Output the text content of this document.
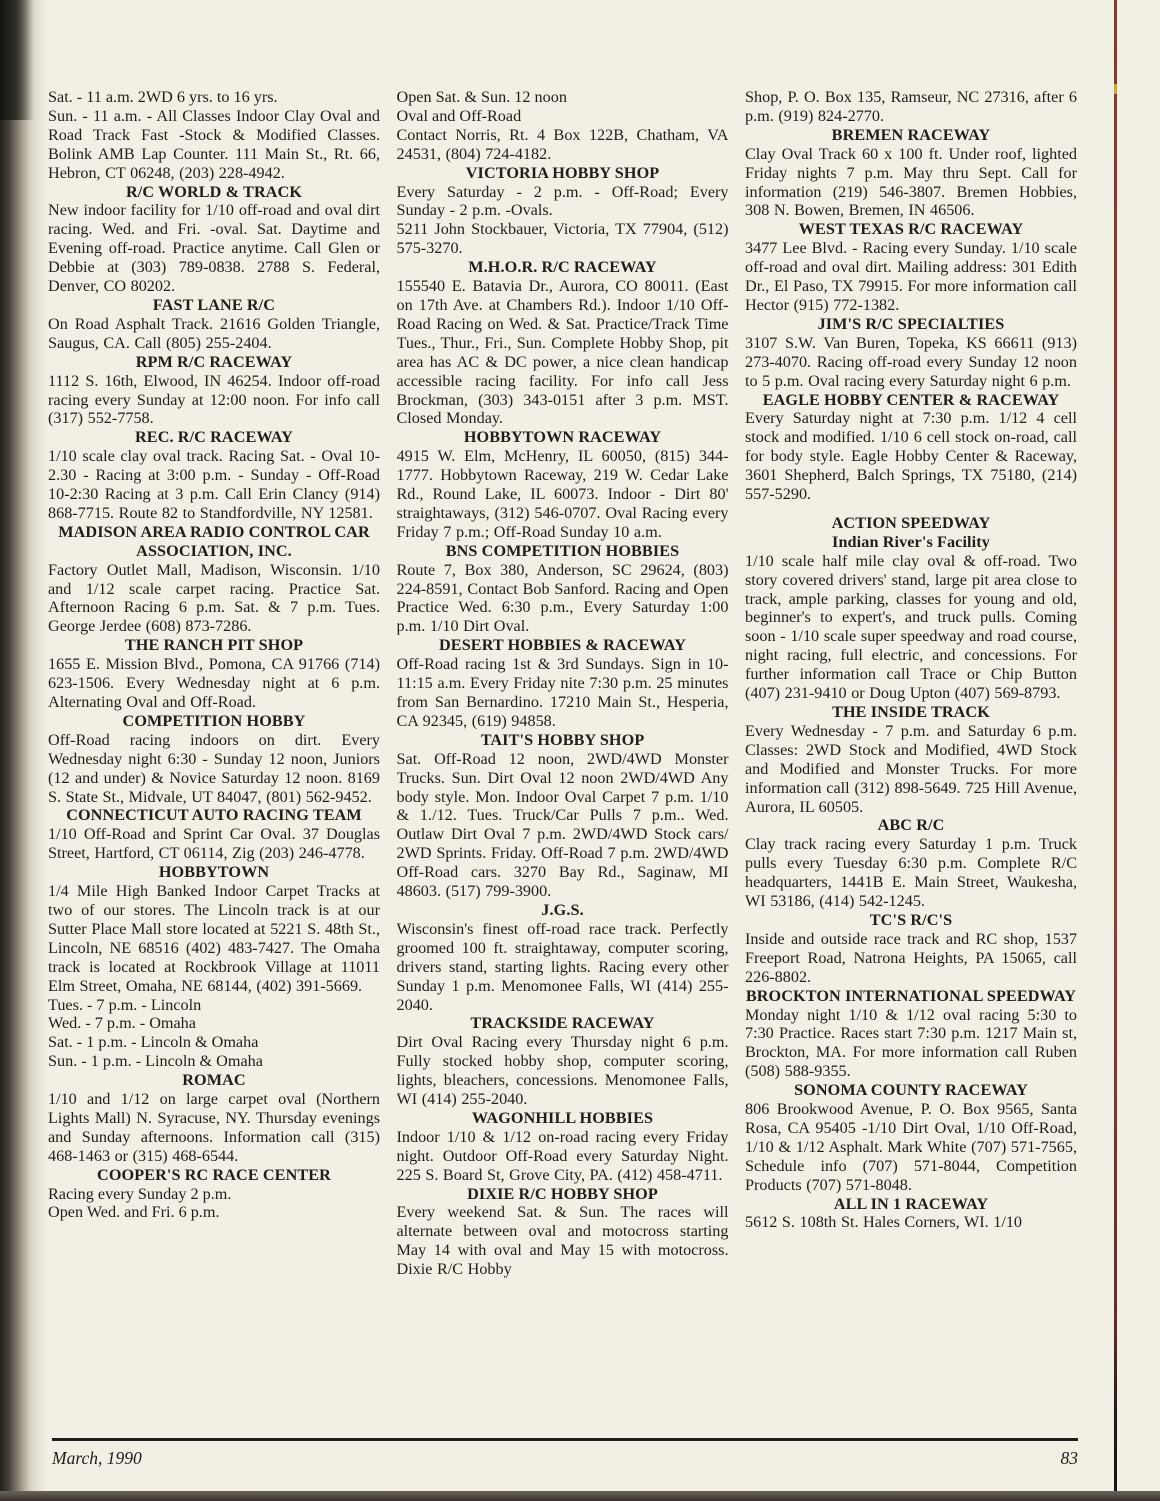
Sat. - 11 a.m. 2WD 6 yrs. to 16 yrs.

Sun. - 11 a.m. - All Classes Indoor Clay Oval and Road Track Fast -Stock & Modified Classes. Bolink AMB Lap Counter. 111 Main St., Rt. 66, Hebron, CT 06248, (203) 228-4942.

R/C WORLD & TRACK

New indoor facility for 1/10 off-road and oval dirt racing. Wed. and Fri. -oval. Sat. Daytime and Evening off-road. Practice anytime. Call Glen or Debbie at (303) 789-0838. 2788 S. Federal, Denver, CO 80202.

FAST LANE R/C

On Road Asphalt Track. 21616 Golden Triangle, Saugus, CA. Call (805) 255-2404.

RPM R/C RACEWAY

1112 S. 16th, Elwood, IN 46254. Indoor off-road racing every Sunday at 12:00 noon. For info call (317) 552-7758.

REC. R/C RACEWAY

1/10 scale clay oval track. Racing Sat. - Oval 10-2.30 - Racing at 3:00 p.m. - Sunday - Off-Road 10-2:30 Racing at 3 p.m. Call Erin Clancy (914) 868-7715. Route 82 to Standfordville, NY 12581.

MADISON AREA RADIO CONTROL CAR ASSOCIATION, INC.

Factory Outlet Mall, Madison, Wisconsin. 1/10 and 1/12 scale carpet racing. Practice Sat. Afternoon Racing 6 p.m. Sat. & 7 p.m. Tues. George Jerdee (608) 873-7286.

THE RANCH PIT SHOP

1655 E. Mission Blvd., Pomona, CA 91766 (714) 623-1506. Every Wednesday night at 6 p.m. Alternating Oval and Off-Road.

COMPETITION HOBBY

Off-Road racing indoors on dirt. Every Wednesday night 6:30 - Sunday 12 noon, Juniors (12 and under) & Novice Saturday 12 noon. 8169 S. State St., Midvale, UT 84047, (801) 562-9452.

CONNECTICUT AUTO RACING TEAM

1/10 Off-Road and Sprint Car Oval. 37 Douglas Street, Hartford, CT 06114, Zig (203) 246-4778.

HOBBYTOWN

1/4 Mile High Banked Indoor Carpet Tracks at two of our stores. The Lincoln track is at our Sutter Place Mall store located at 5221 S. 48th St., Lincoln, NE 68516 (402) 483-7427. The Omaha track is located at Rockbrook Village at 11011 Elm Street, Omaha, NE 68144, (402) 391-5669.

Tues. - 7 p.m. - Lincoln
Wed. - 7 p.m. - Omaha
Sat. - 1 p.m. - Lincoln & Omaha
Sun. - 1 p.m. - Lincoln & Omaha
ROMAC

1/10 and 1/12 on large carpet oval (Northern Lights Mall) N. Syracuse, NY. Thursday evenings and Sunday afternoons. Information call (315) 468-1463 or (315) 468-6544.

COOPER'S RC RACE CENTER
Racing every Sunday 2 p.m.
Open Wed. and Fri. 6 p.m.
Open Sat. & Sun. 12 noon
Oval and Off-Road

Contact Norris, Rt. 4 Box 122B, Chatham, VA 24531, (804) 724-4182.

VICTORIA HOBBY SHOP

Every Saturday - 2 p.m. - Off-Road; Every Sunday - 2 p.m. -Ovals.

5211 John Stockbauer, Victoria, TX 77904, (512) 575-3270.

M.H.O.R. R/C RACEWAY

155540 E. Batavia Dr., Aurora, CO 80011. (East on 17th Ave. at Chambers Rd.). Indoor 1/10 Off-Road Racing on Wed. & Sat. Practice/Track Time Tues., Thur., Fri., Sun. Complete Hobby Shop, pit area has AC & DC power, a nice clean handicap accessible racing facility. For info call Jess Brockman, (303) 343-0151 after 3 p.m. MST. Closed Monday.

HOBBYTOWN RACEWAY

4915 W. Elm, McHenry, IL 60050, (815) 344-1777. Hobbytown Raceway, 219 W. Cedar Lake Rd., Round Lake, IL 60073. Indoor - Dirt 80' straightaways, (312) 546-0707. Oval Racing every Friday 7 p.m.; Off-Road Sunday 10 a.m.

BNS COMPETITION HOBBIES

Route 7, Box 380, Anderson, SC 29624, (803) 224-8591, Contact Bob Sanford. Racing and Open Practice Wed. 6:30 p.m., Every Saturday 1:00 p.m. 1/10 Dirt Oval.

DESERT HOBBIES & RACEWAY

Off-Road racing 1st & 3rd Sundays. Sign in 10-11:15 a.m. Every Friday nite 7:30 p.m. 25 minutes from San Bernardino. 17210 Main St., Hesperia, CA 92345, (619) 94858.

TAIT'S HOBBY SHOP

Sat. Off-Road 12 noon, 2WD/4WD Monster Trucks. Sun. Dirt Oval 12 noon 2WD/4WD Any body style. Mon. Indoor Oval Carpet 7 p.m. 1/10 & 1./12. Tues. Truck/Car Pulls 7 p.m.. Wed. Outlaw Dirt Oval 7 p.m. 2WD/4WD Stock cars/ 2WD Sprints. Friday. Off-Road 7 p.m. 2WD/4WD Off-Road cars. 3270 Bay Rd., Saginaw, MI 48603. (517) 799-3900.

J.G.S.

Wisconsin's finest off-road race track. Perfectly groomed 100 ft. straightaway, computer scoring, drivers stand, starting lights. Racing every other Sunday 1 p.m. Menomonee Falls, WI (414) 255-2040.

TRACKSIDE RACEWAY

Dirt Oval Racing every Thursday night 6 p.m. Fully stocked hobby shop, computer scoring, lights, bleachers, concessions. Menomonee Falls, WI (414) 255-2040.

WAGONHILL HOBBIES

Indoor 1/10 & 1/12 on-road racing every Friday night. Outdoor Off-Road every Saturday Night. 225 S. Board St, Grove City, PA. (412) 458-4711.

DIXIE R/C HOBBY SHOP

Every weekend Sat. & Sun. The races will alternate between oval and motocross starting May 14 with oval and May 15 with motocross. Dixie R/C Hobby

Shop, P. O. Box 135, Ramseur, NC 27316, after 6 p.m. (919) 824-2770.

BREMEN RACEWAY

Clay Oval Track 60 x 100 ft. Under roof, lighted Friday nights 7 p.m. May thru Sept. Call for information (219) 546-3807. Bremen Hobbies, 308 N. Bowen, Bremen, IN 46506.

WEST TEXAS R/C RACEWAY

3477 Lee Blvd. - Racing every Sunday. 1/10 scale off-road and oval dirt. Mailing address: 301 Edith Dr., El Paso, TX 79915. For more information call Hector (915) 772-1382.

JIM'S R/C SPECIALTIES

3107 S.W. Van Buren, Topeka, KS 66611 (913) 273-4070. Racing off-road every Sunday 12 noon to 5 p.m. Oval racing every Saturday night 6 p.m.

EAGLE HOBBY CENTER & RACEWAY

Every Saturday night at 7:30 p.m. 1/12 4 cell stock and modified. 1/10 6 cell stock on-road, call for body style. Eagle Hobby Center & Raceway, 3601 Shepherd, Balch Springs, TX 75180, (214) 557-5290.

ACTION SPEEDWAY
Indian River's Facility

1/10 scale half mile clay oval & off-road. Two story covered drivers' stand, large pit area close to track, ample parking, classes for young and old, beginner's to expert's, and truck pulls. Coming soon - 1/10 scale super speedway and road course, night racing, full electric, and concessions. For further information call Trace or Chip Button (407) 231-9410 or Doug Upton (407) 569-8793.

THE INSIDE TRACK

Every Wednesday - 7 p.m. and Saturday 6 p.m. Classes: 2WD Stock and Modified, 4WD Stock and Modified and Monster Trucks. For more information call (312) 898-5649. 725 Hill Avenue, Aurora, IL 60505.

ABC R/C

Clay track racing every Saturday 1 p.m. Truck pulls every Tuesday 6:30 p.m. Complete R/C headquarters, 1441B E. Main Street, Waukesha, WI 53186, (414) 542-1245.

TC'S R/C'S

Inside and outside race track and RC shop, 1537 Freeport Road, Natrona Heights, PA 15065, call 226-8802.

BROCKTON INTERNATIONAL SPEEDWAY

Monday night 1/10 & 1/12 oval racing 5:30 to 7:30 Practice. Races start 7:30 p.m. 1217 Main st, Brockton, MA. For more information call Ruben (508) 588-9355.

SONOMA COUNTY RACEWAY

806 Brookwood Avenue, P. O. Box 9565, Santa Rosa, CA 95405 -1/10 Dirt Oval, 1/10 Off-Road, 1/10 & 1/12 Asphalt. Mark White (707) 571-7565, Schedule info (707) 571-8044, Competition Products (707) 571-8048.

ALL IN 1 RACEWAY

5612 S. 108th St. Hales Corners, WI. 1/10

March, 1990	83
